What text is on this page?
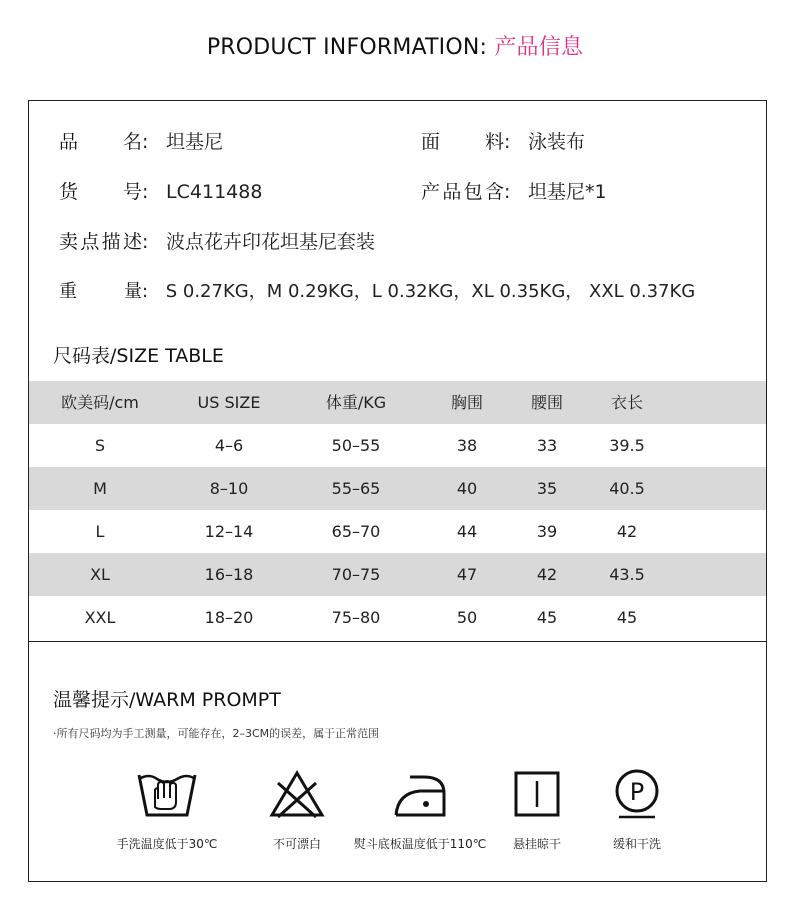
PRODUCT INFORMATION: 产品信息
品名: 坦基尼	面料: 泳装布
货号: LC411488	产品包含: 坦基尼*1
卖点描述: 波点花卉印花坦基尼套装
重量: S 0.27KG，M 0.29KG，L 0.32KG，XL 0.35KG， XXL 0.37KG
尺码表/SIZE TABLE
欧美码/cm	US SIZE	体重/KG	胸围	腰围	衣长
S	4–6	50–55	38	33	39.5
M	8–10	55–65	40	35	40.5
L	12–14	65–70	44	39	42
XL	16–18	70–75	47	42	43.5
XXL	18–20	75–80	50	45	45
温馨提示/WARM PROMPT
·所有尺码均为手工测量，可能存在，2–3CM的误差，属于正常范围
手洗温度低于30℃	不可漂白	熨斗底板温度低于110℃	悬挂晾干
P
缓和干洗
